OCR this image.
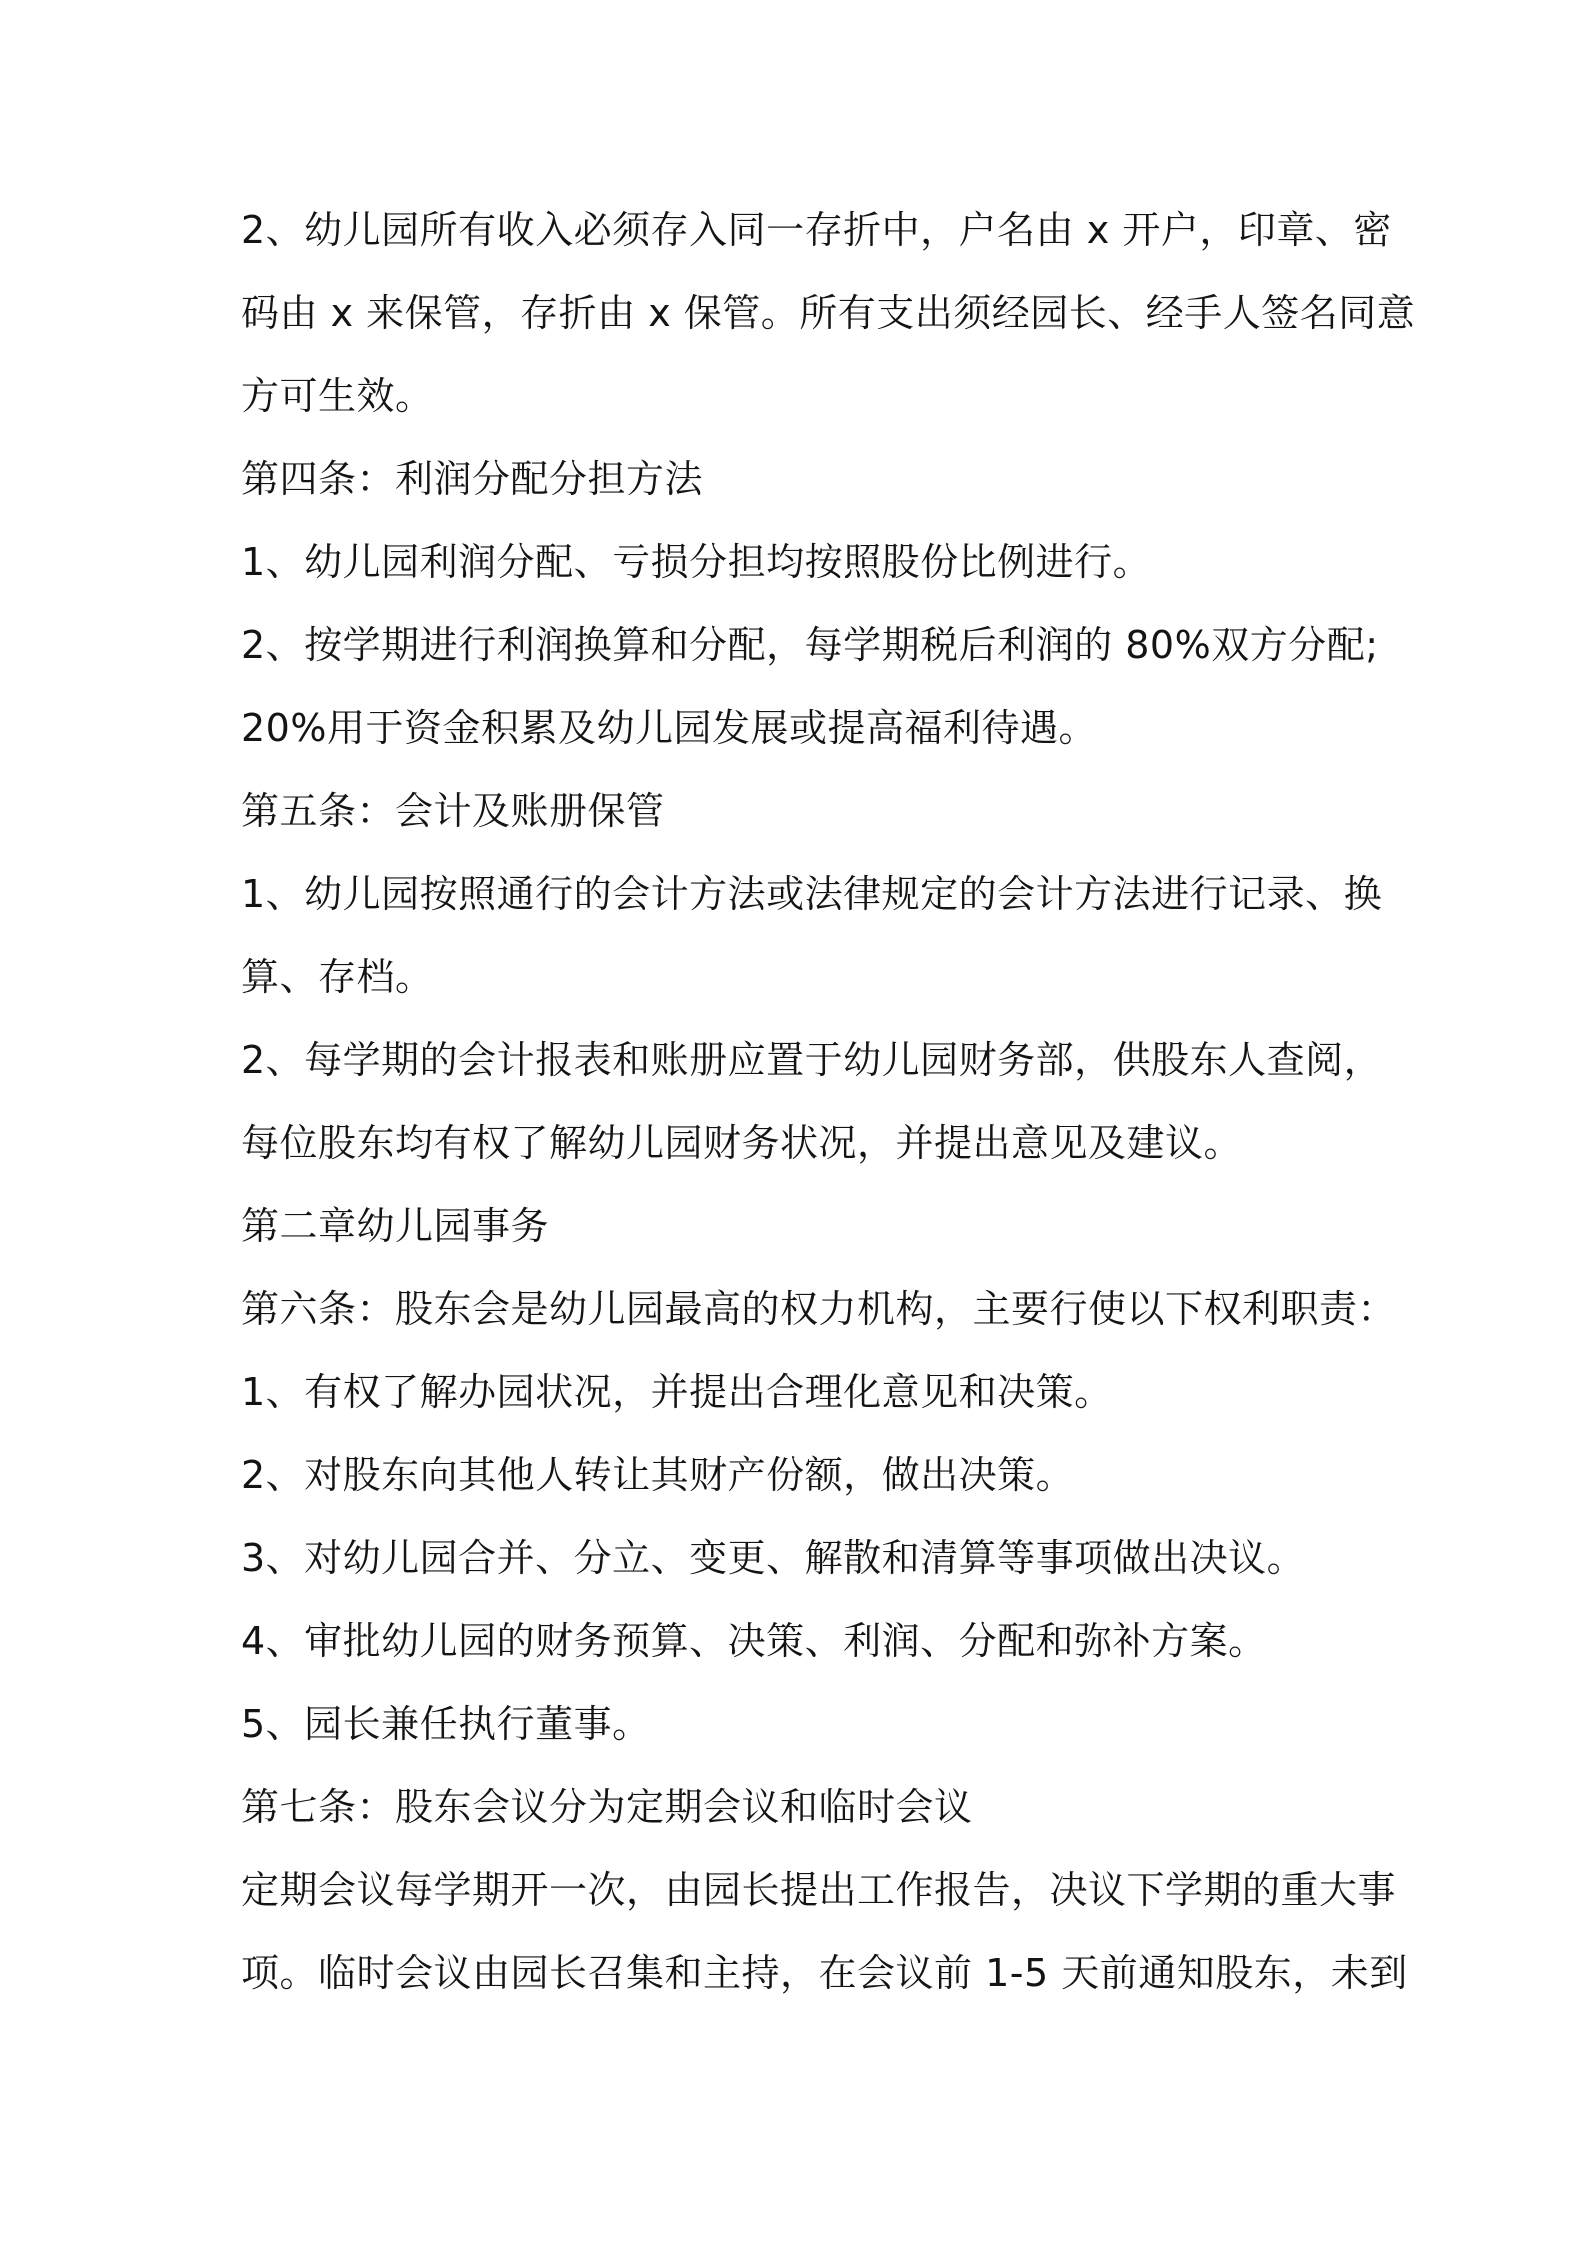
2、幼儿园所有收入必须存入同一存折中，户名由 x 开户，印章、密
码由 x 来保管，存折由 x 保管。所有支出须经园长、经手人签名同意
方可生效。
第四条：利润分配分担方法
1、幼儿园利润分配、亏损分担均按照股份比例进行。
2、按学期进行利润换算和分配，每学期税后利润的 80%双方分配;
20%用于资金积累及幼儿园发展或提高福利待遇。
第五条：会计及账册保管
1、幼儿园按照通行的会计方法或法律规定的会计方法进行记录、换
算、存档。
2、每学期的会计报表和账册应置于幼儿园财务部，供股东人查阅，
每位股东均有权了解幼儿园财务状况，并提出意见及建议。
第二章幼儿园事务
第六条：股东会是幼儿园最高的权力机构，主要行使以下权利职责：
1、有权了解办园状况，并提出合理化意见和决策。
2、对股东向其他人转让其财产份额，做出决策。
3、对幼儿园合并、分立、变更、解散和清算等事项做出决议。
4、审批幼儿园的财务预算、决策、利润、分配和弥补方案。
5、园长兼任执行董事。
第七条：股东会议分为定期会议和临时会议
定期会议每学期开一次，由园长提出工作报告，决议下学期的重大事
项。临时会议由园长召集和主持，在会议前 1-5 天前通知股东，未到
